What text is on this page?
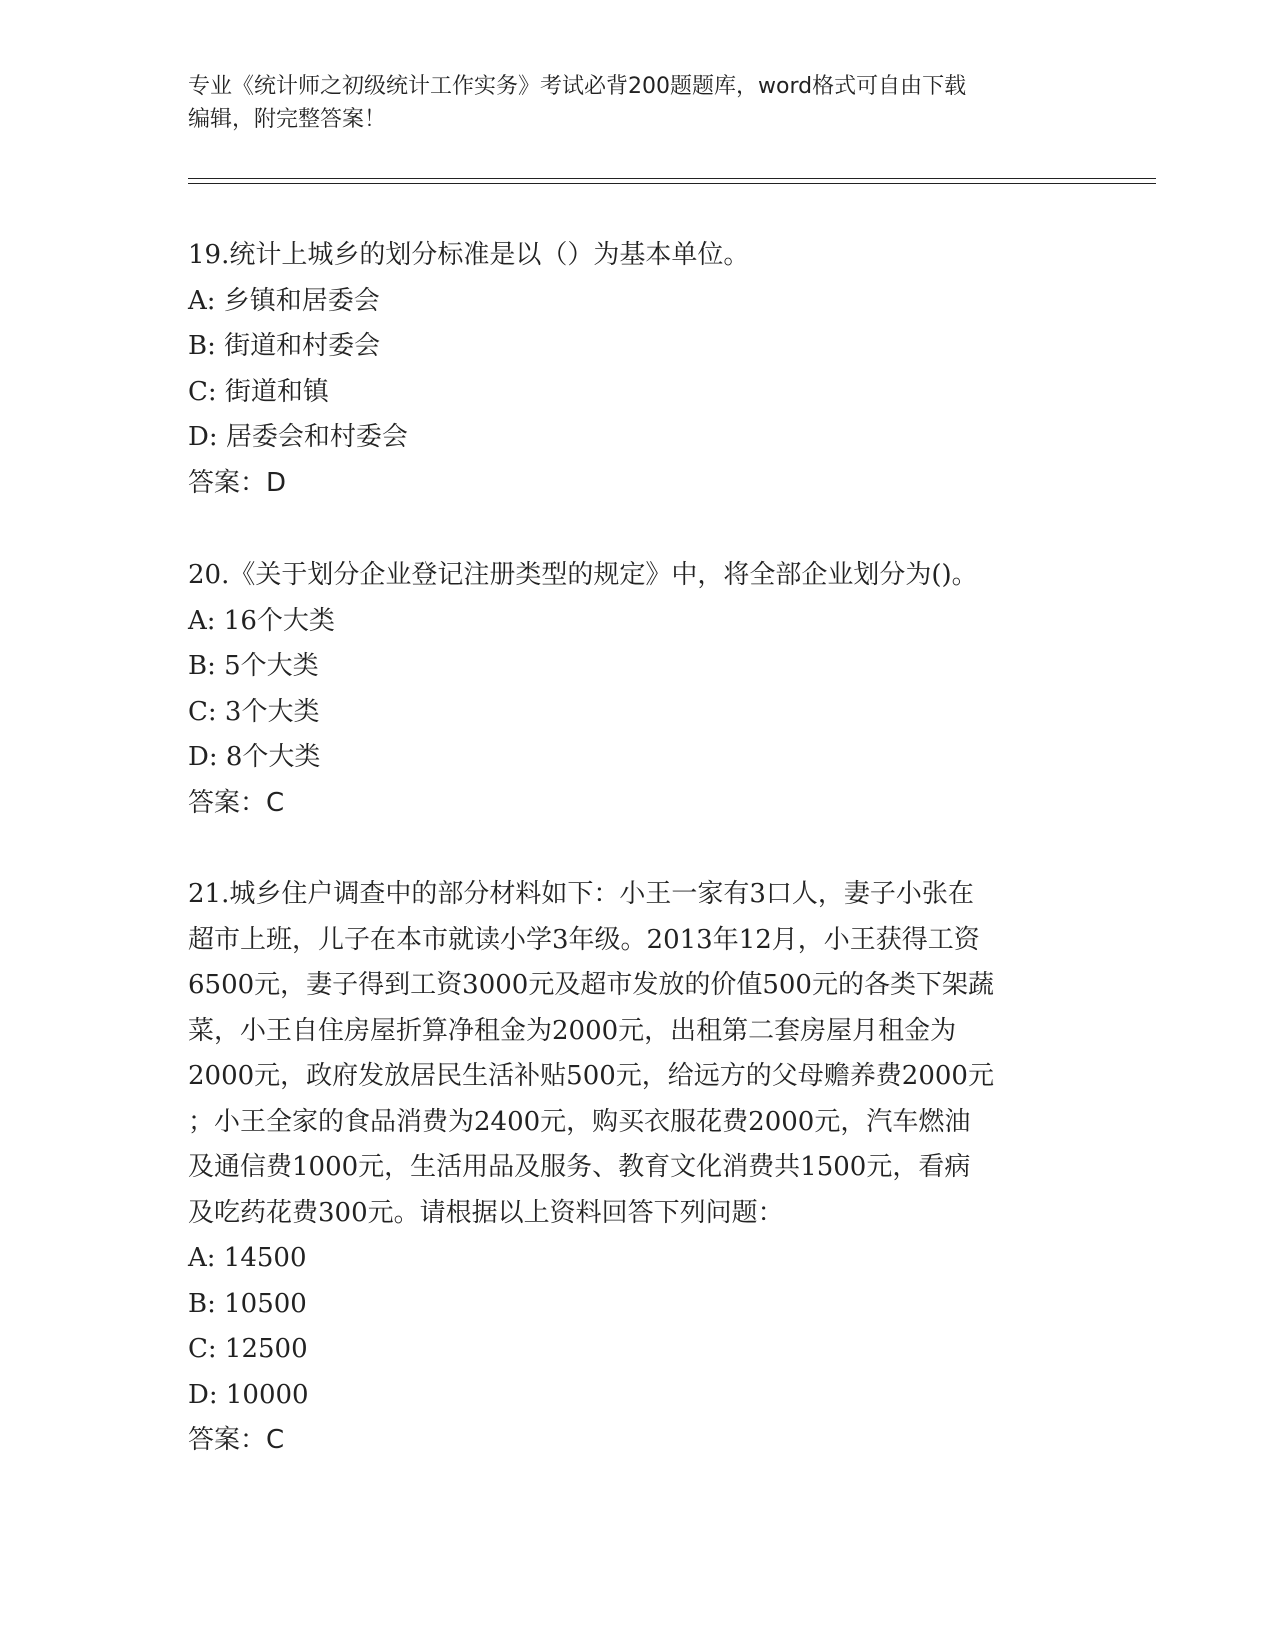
专业《统计师之初级统计工作实务》考试必背200题题库，word格式可自由下载
编辑，附完整答案！
19.统计上城乡的划分标准是以（）为基本单位。
A: 乡镇和居委会
B: 街道和村委会
C: 街道和镇
D: 居委会和村委会
答案：D
20.《关于划分企业登记注册类型的规定》中，将全部企业划分为()。
A: 16个大类
B: 5个大类
C: 3个大类
D: 8个大类
答案：C
21.城乡住户调查中的部分材料如下：小王一家有3口人，妻子小张在
超市上班，儿子在本市就读小学3年级。2013年12月，小王获得工资
6500元，妻子得到工资3000元及超市发放的价值500元的各类下架蔬
菜，小王自住房屋折算净租金为2000元，出租第二套房屋月租金为
2000元，政府发放居民生活补贴500元，给远方的父母赡养费2000元
；小王全家的食品消费为2400元，购买衣服花费2000元，汽车燃油
及通信费1000元，生活用品及服务、教育文化消费共1500元，看病
及吃药花费300元。请根据以上资料回答下列问题：
A: 14500
B: 10500
C: 12500
D: 10000
答案：C
